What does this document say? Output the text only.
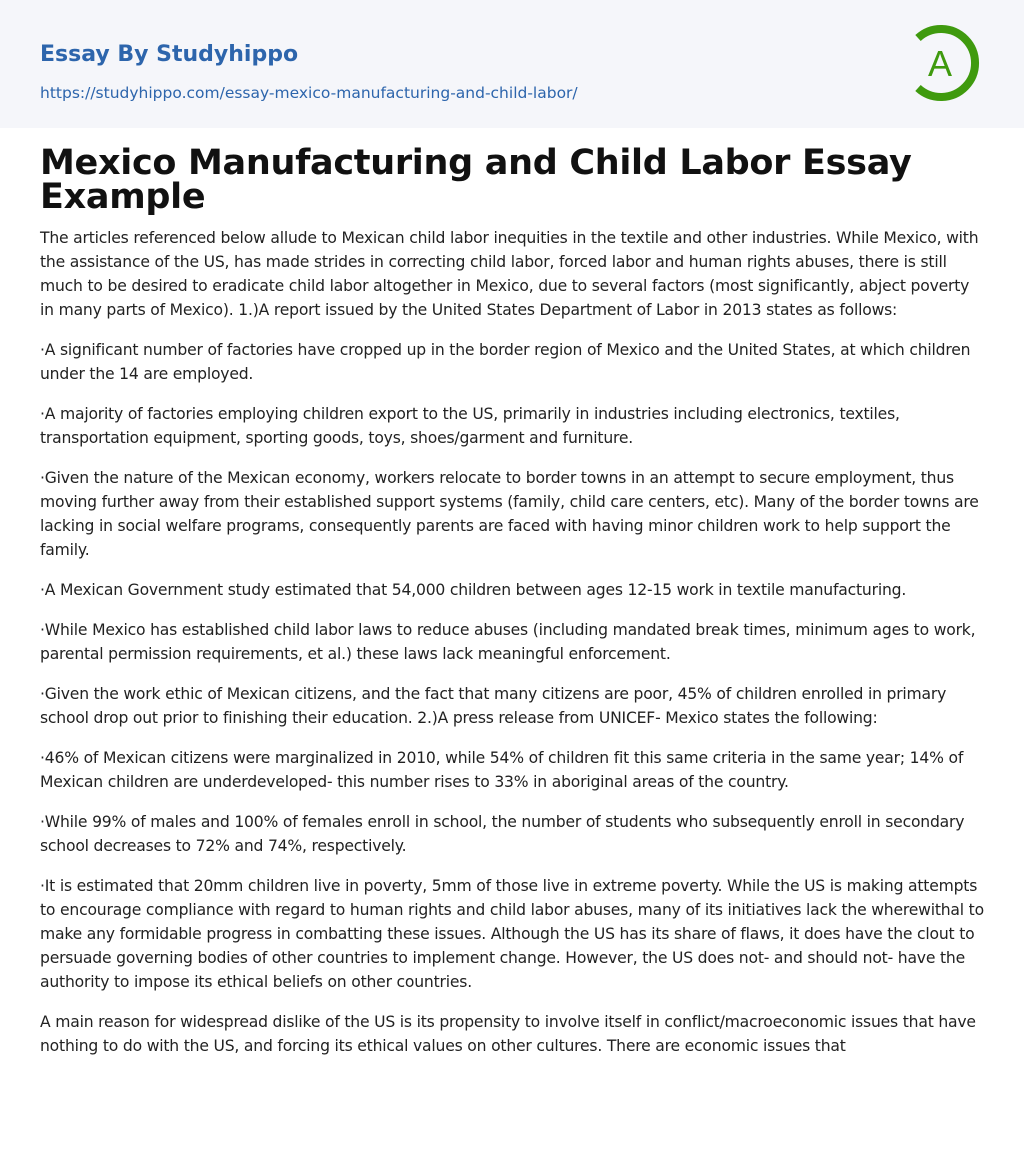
Essay By Studyhippo
https://studyhippo.com/essay-mexico-manufacturing-and-child-labor/
A
Mexico Manufacturing and Child Labor Essay Example

The articles referenced below allude to Mexican child labor inequities in the textile and other industries. While Mexico, with the assistance of the US, has made strides in correcting child labor, forced labor and human rights abuses, there is still much to be desired to eradicate child labor altogether in Mexico, due to several factors (most significantly, abject poverty in many parts of Mexico). 1.)A report issued by the United States Department of Labor in 2013 states as follows:

·A significant number of factories have cropped up in the border region of Mexico and the United States, at which children under the 14 are employed.

·A majority of factories employing children export to the US, primarily in industries including electronics, textiles, transportation equipment, sporting goods, toys, shoes/garment and furniture.

·Given the nature of the Mexican economy, workers relocate to border towns in an attempt to secure employment, thus moving further away from their established support systems (family, child care centers, etc). Many of the border towns are lacking in social welfare programs, consequently parents are faced with having minor children work to help support the family.

·A Mexican Government study estimated that 54,000 children between ages 12-15 work in textile manufacturing.

·While Mexico has established child labor laws to reduce abuses (including mandated break times, minimum ages to work, parental permission requirements, et al.) these laws lack meaningful enforcement.

·Given the work ethic of Mexican citizens, and the fact that many citizens are poor, 45% of children enrolled in primary school drop out prior to finishing their education. 2.)A press release from UNICEF- Mexico states the following:

·46% of Mexican citizens were marginalized in 2010, while 54% of children fit this same criteria in the same year; 14% of Mexican children are underdeveloped- this number rises to 33% in aboriginal areas of the country.

·While 99% of males and 100% of females enroll in school, the number of students who subsequently enroll in secondary school decreases to 72% and 74%, respectively.

·It is estimated that 20mm children live in poverty, 5mm of those live in extreme poverty. While the US is making attempts to encourage compliance with regard to human rights and child labor abuses, many of its initiatives lack the wherewithal to make any formidable progress in combatting these issues. Although the US has its share of flaws, it does have the clout to persuade governing bodies of other countries to implement change. However, the US does not- and should not- have the authority to impose its ethical beliefs on other countries.

A main reason for widespread dislike of the US is its propensity to involve itself in conflict/macroeconomic issues that have nothing to do with the US, and forcing its ethical values on other cultures. There are economic issues that
